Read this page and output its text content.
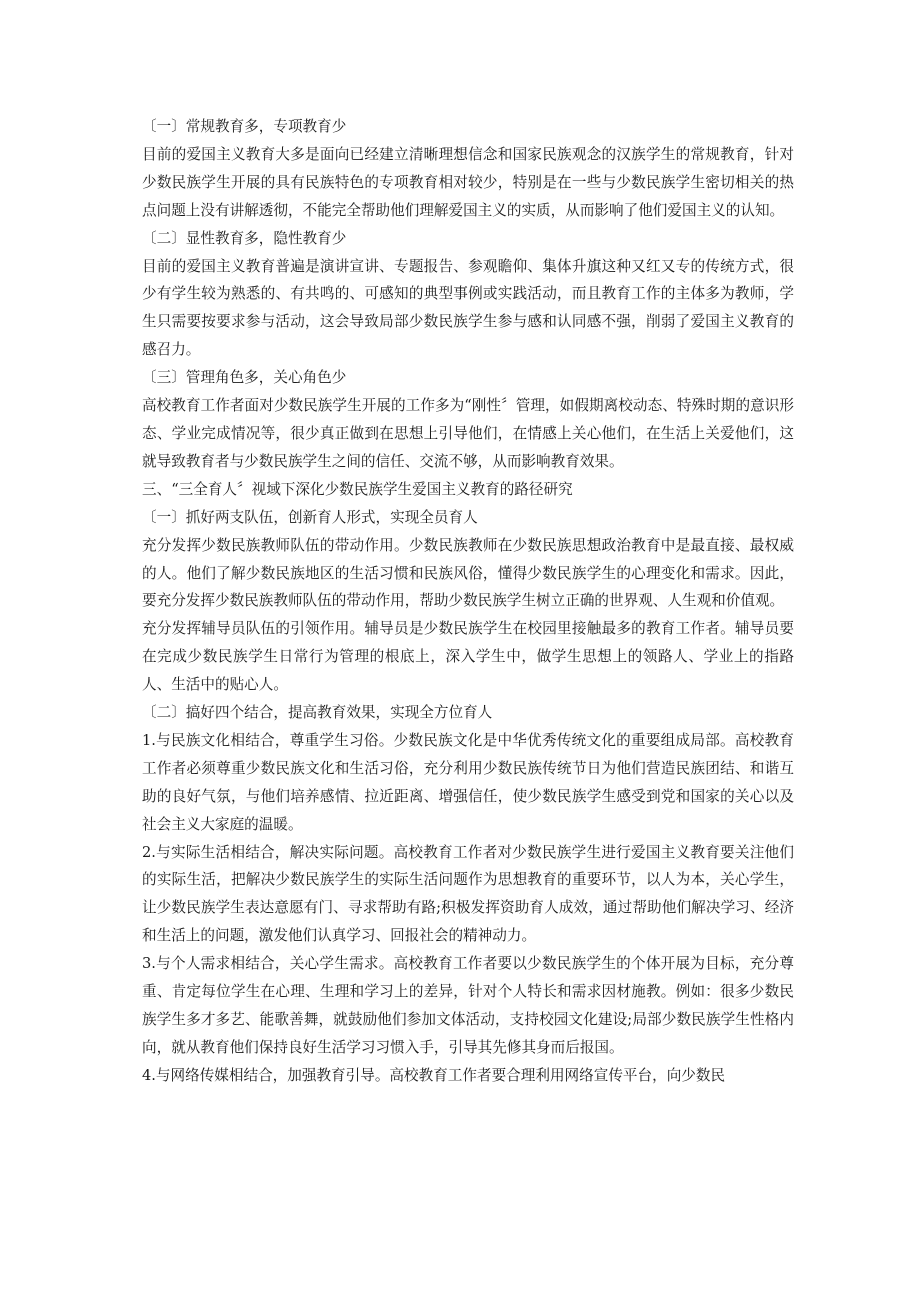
〔一〕常规教育多，专项教育少

目前的爱国主义教育大多是面向已经建立清晰理想信念和国家民族观念的汉族学生的常规教育，针对少数民族学生开展的具有民族特色的专项教育相对较少，特别是在一些与少数民族学生密切相关的热点问题上没有讲解透彻，不能完全帮助他们理解爱国主义的实质，从而影响了他们爱国主义的认知。

〔二〕显性教育多，隐性教育少

目前的爱国主义教育普遍是演讲宣讲、专题报告、参观瞻仰、集体升旗这种又红又专的传统方式，很少有学生较为熟悉的、有共鸣的、可感知的典型事例或实践活动，而且教育工作的主体多为教师，学生只需要按要求参与活动，这会导致局部少数民族学生参与感和认同感不强，削弱了爱国主义教育的感召力。

〔三〕管理角色多，关心角色少

高校教育工作者面对少数民族学生开展的工作多为“刚性〞管理，如假期离校动态、特殊时期的意识形态、学业完成情况等，很少真正做到在思想上引导他们，在情感上关心他们，在生活上关爱他们，这就导致教育者与少数民族学生之间的信任、交流不够，从而影响教育效果。

三、“三全育人〞视域下深化少数民族学生爱国主义教育的路径研究

〔一〕抓好两支队伍，创新育人形式，实现全员育人

充分发挥少数民族教师队伍的带动作用。少数民族教师在少数民族思想政治教育中是最直接、最权威的人。他们了解少数民族地区的生活习惯和民族风俗，懂得少数民族学生的心理变化和需求。因此，要充分发挥少数民族教师队伍的带动作用，帮助少数民族学生树立正确的世界观、人生观和价值观。

充分发挥辅导员队伍的引领作用。辅导员是少数民族学生在校园里接触最多的教育工作者。辅导员要在完成少数民族学生日常行为管理的根底上，深入学生中，做学生思想上的领路人、学业上的指路人、生活中的贴心人。

〔二〕搞好四个结合，提高教育效果，实现全方位育人

1.与民族文化相结合，尊重学生习俗。少数民族文化是中华优秀传统文化的重要组成局部。高校教育工作者必须尊重少数民族文化和生活习俗，充分利用少数民族传统节日为他们营造民族团结、和谐互助的良好气氛，与他们培养感情、拉近距离、增强信任，使少数民族学生感受到党和国家的关心以及社会主义大家庭的温暖。

2.与实际生活相结合，解决实际问题。高校教育工作者对少数民族学生进行爱国主义教育要关注他们的实际生活，把解决少数民族学生的实际生活问题作为思想教育的重要环节，以人为本，关心学生，让少数民族学生表达意愿有门、寻求帮助有路;积极发挥资助育人成效，通过帮助他们解决学习、经济和生活上的问题，激发他们认真学习、回报社会的精神动力。

3.与个人需求相结合，关心学生需求。高校教育工作者要以少数民族学生的个体开展为目标，充分尊重、肯定每位学生在心理、生理和学习上的差异，针对个人特长和需求因材施教。例如：很多少数民族学生多才多艺、能歌善舞，就鼓励他们参加文体活动，支持校园文化建设;局部少数民族学生性格内向，就从教育他们保持良好生活学习习惯入手，引导其先修其身而后报国。

4.与网络传媒相结合，加强教育引导。高校教育工作者要合理利用网络宣传平台，向少数民
